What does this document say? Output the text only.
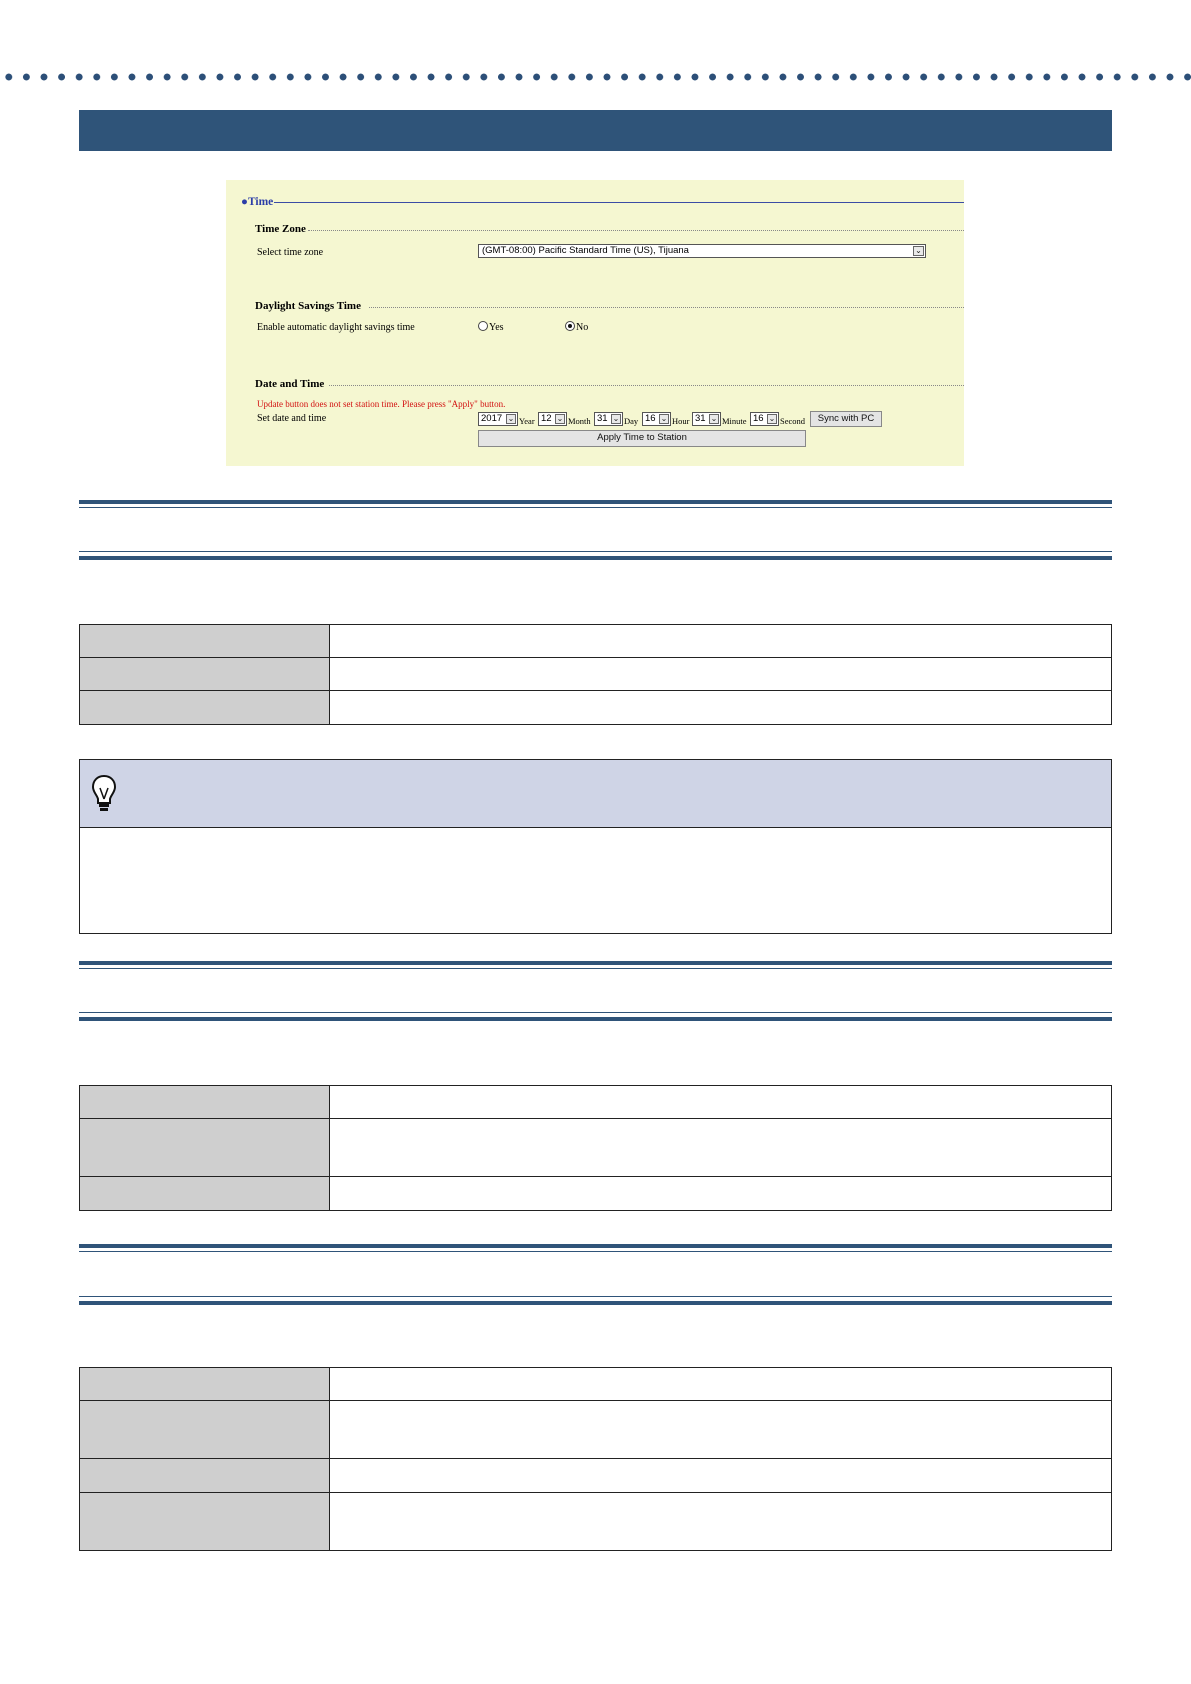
●Time
Time Zone
Select time zone	(GMT-08:00) Pacific Standard Time (US), Tijuana	⌄
Daylight Savings Time
Enable automatic daylight savings time	Yes	No
Date and Time
Update button does not set station time. Please press "Apply" button.
Set date and time	2017 ⌄ Year 12 ⌄ Month 31 ⌄ Day 16 ⌄ Hour 31 ⌄ Minute 16 ⌄ Second	Sync with PC
Apply Time to Station
